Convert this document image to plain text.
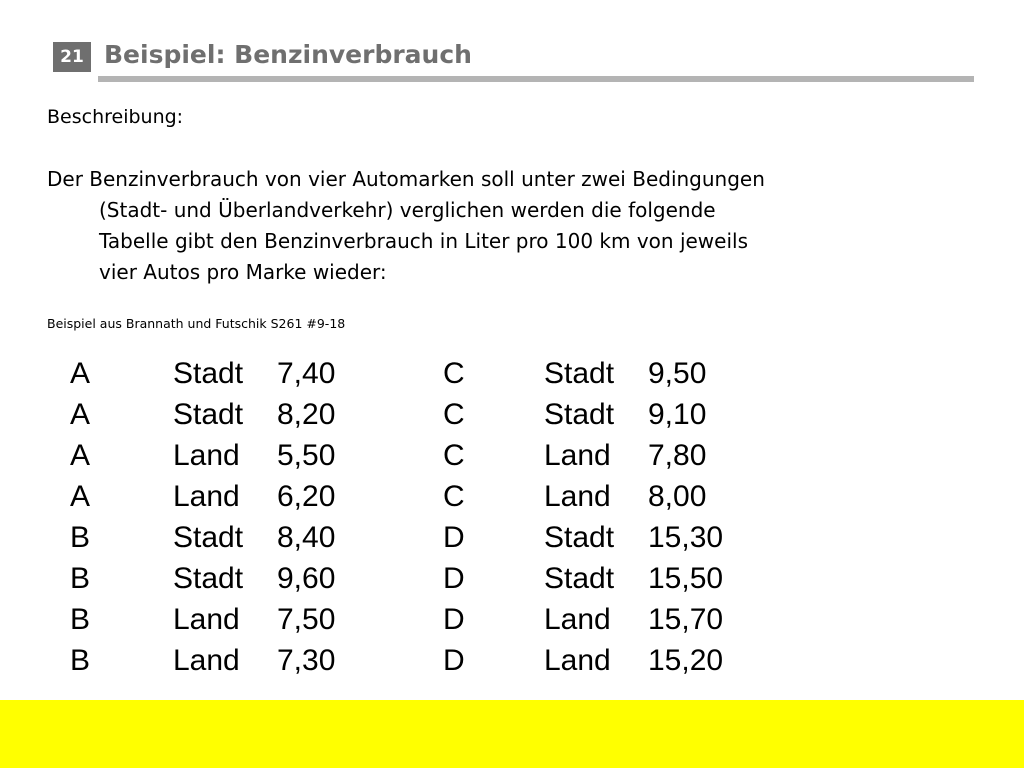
21 Beispiel: Benzinverbrauch
Beschreibung:

Der Benzinverbrauch von vier Automarken soll unter zwei Bedingungen
(Stadt- und Überlandverkehr) verglichen werden die folgende
Tabelle gibt den Benzinverbrauch in Liter pro 100 km von jeweils
vier Autos pro Marke wieder:

Beispiel aus Brannath und Futschik S261 #9-18
A	Stadt	7,40	C	Stadt	9,50
A	Stadt	8,20	C	Stadt	9,10
A	Land	5,50	C	Land	7,80
A	Land	6,20	C	Land	8,00
B	Stadt	8,40	D	Stadt	15,30
B	Stadt	9,60	D	Stadt	15,50
B	Land	7,50	D	Land	15,70
B	Land	7,30	D	Land	15,20
